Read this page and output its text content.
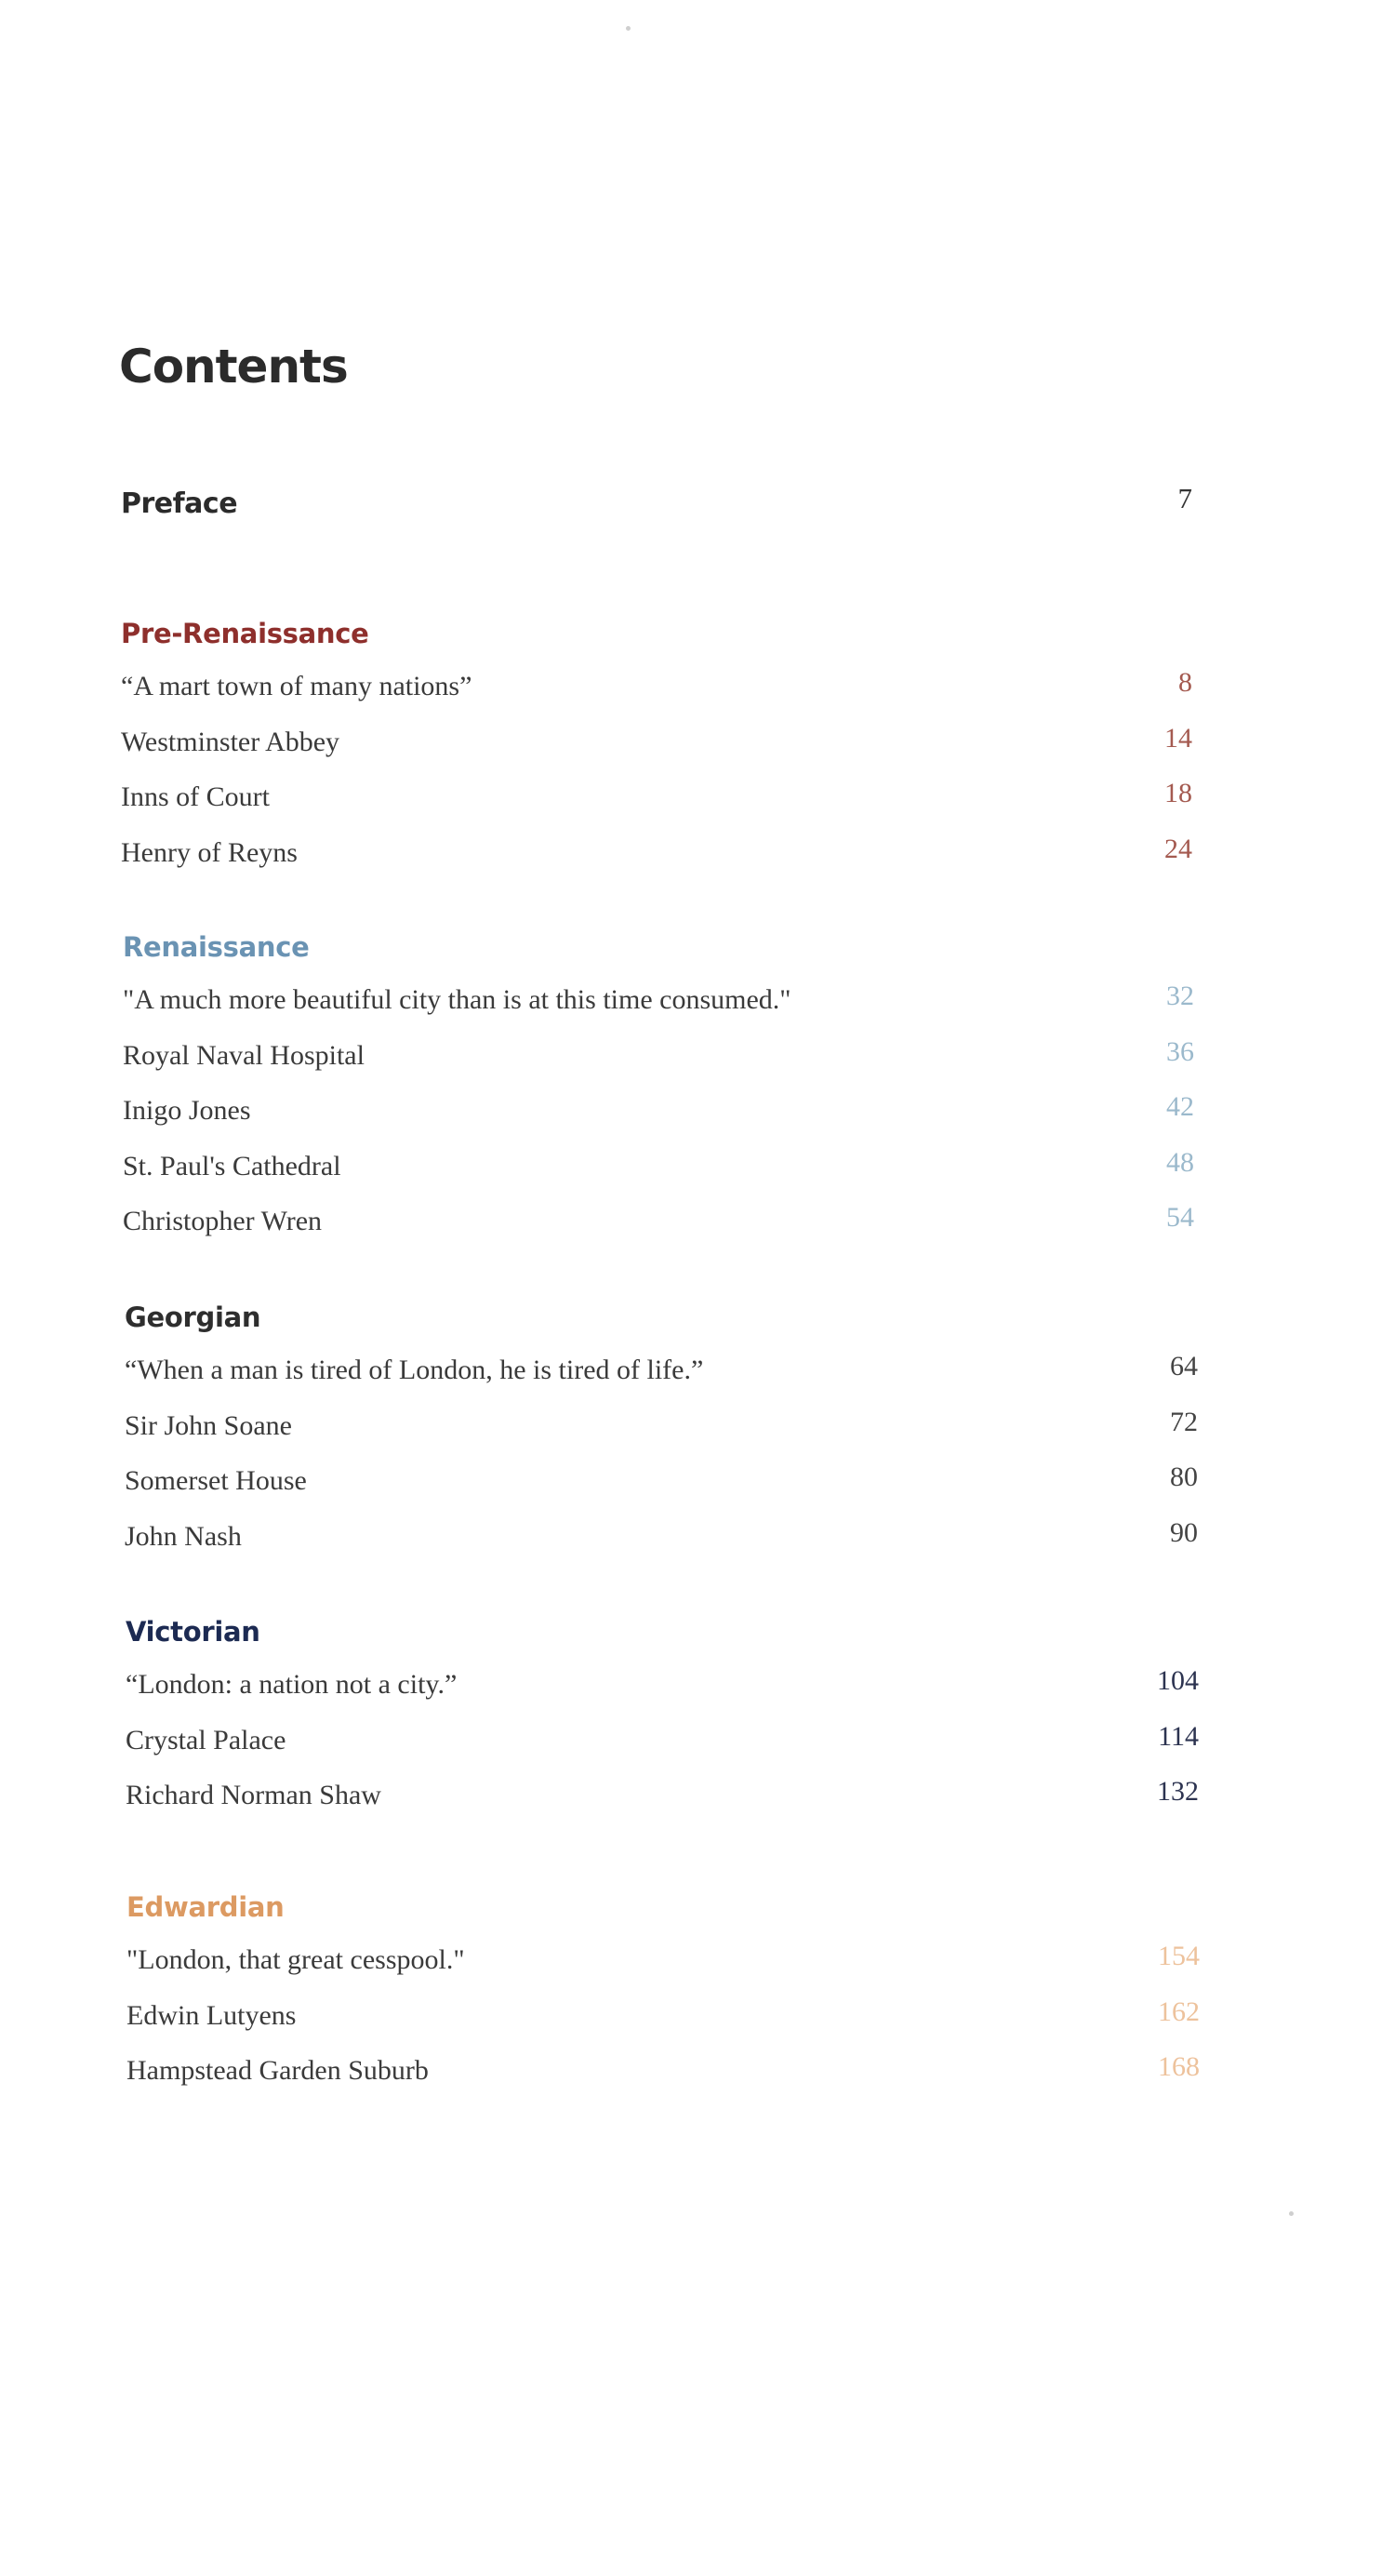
Contents
Preface	7
Pre-Renaissance
“A mart town of many nations”	8
Westminster Abbey	14
Inns of Court	18
Henry of Reyns	24
Renaissance
"A much more beautiful city than is at this time consumed."	32
Royal Naval Hospital	36
Inigo Jones	42
St. Paul's Cathedral	48
Christopher Wren	54
Georgian
“When a man is tired of London, he is tired of life.”	64
Sir John Soane	72
Somerset House	80
John Nash	90
Victorian
“London: a nation not a city.”	104
Crystal Palace	114
Richard Norman Shaw	132
Edwardian
"London, that great cesspool."	154
Edwin Lutyens	162
Hampstead Garden Suburb	168
